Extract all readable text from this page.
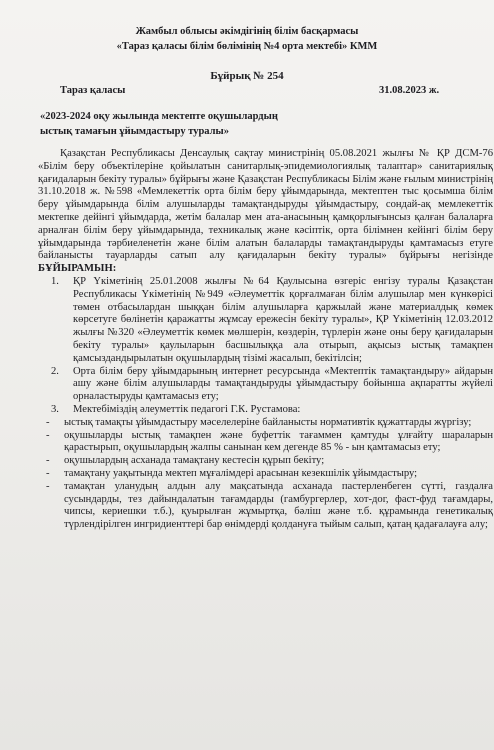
Жамбыл облысы әкімдігінің білім басқармасы
«Тараз қаласы білім бөлімінің №4 орта мектебі» КММ
Бұйрық № 254
Тараз қаласы	31.08.2023 ж.
«2023-2024 оқу жылында мектепте оқушылардың
ыстық тамағын ұйымдастыру туралы»

Қазақстан Республикасы Денсаулық сақтау министрінің 05.08.2021 жылғы № ҚР ДСМ-76 «Білім беру объектілеріне қойылатын санитарлық-эпидемиологиялық талаптар» санитариялық қағидаларын бекіту туралы» бұйрығы және Қазақстан Республикасы Білім және ғылым министрінің 31.10.2018 ж. №598 «Мемлекеттік орта білім беру ұйымдарында, мектептен тыс қосымша білім беру ұйымдарында білім алушыларды тамақтандыруды ұйымдастыру, сондай-ақ мемлекеттік мектепке дейінгі ұйымдарда, жетім балалар мен ата-анасының қамқорлығынсыз қалған балаларға арналған білім беру ұйымдарында, техникалық және кәсіптік, орта білімнен кейінгі білім беру ұйымдарында тәрбиеленетін және білім алатын балаларды тамақтандыруды қамтамасыз етуге байланысты тауарларды сатып алу қағидаларын бекіту туралы» бұйрығы негізінде БҰЙЫРАМЫН:

1. ҚР Үкіметінің 25.01.2008 жылғы №64 Қаулысына өзгеріс енгізу туралы Қазақстан Республикасы Үкіметінің №949 «Әлеуметтік қорғалмаған білім алушылар мен күнкөрісі төмен отбасылардан шыққан білім алушыларға қаржылай және материалдық көмек көрсетуге бөлінетін қаражатты жұмсау ережесін бекіту туралы», ҚР Үкіметінің 12.03.2012 жылғы №320 «Әлеуметтік көмек мөлшерін, көздерін, түрлерін және оны беру қағидаларын бекіту туралы» қаулыларын басшылыққа ала отырып, ақысыз ыстық тамақпен қамсыздандырылатын оқушылардың тізімі жасалып, бекітілсін;
2. Орта білім беру ұйымдарының интернет ресурсында «Мектептік тамақтандыру» айдарын ашу және білім алушыларды тамақтандыруды ұйымдастыру бойынша ақпаратты жүйелі орналастыруды қамтамасыз ету;
3. Мектебіміздің әлеуметтік педагогі Г.К. Рустамова:
- ыстық тамақты ұйымдастыру мәселелеріне байланысты нормативтік құжаттарды жүргізу;
- оқушыларды ыстық тамақпен және буфеттік тағаммен қамтуды ұлғайту шараларын қарастырып, оқушылардың жалпы санынан кем дегенде 85 % - ын қамтамасыз ету;
- оқушылардың асханада тамақтану кестесін құрып бекіту;
- тамақтану уақытында мектеп мұғалімдері арасынан кезекшілік ұйымдастыру;
- тамақтан уланудың алдын алу мақсатында асханада пастерленбеген сүтті, газдалға сусындарды, тез дайындалатын тағамдарды (гамбургерлер, хот-дог, фаст-фуд тағамдары, чипсы, кериешки т.б.), қуырылған жұмыртқа, бәліш және т.б. құрамында генетикалық түрлендірілген ингридиенттері бар өнімдерді қолдануға тыйым салып, қатаң қадағалауға алу;
